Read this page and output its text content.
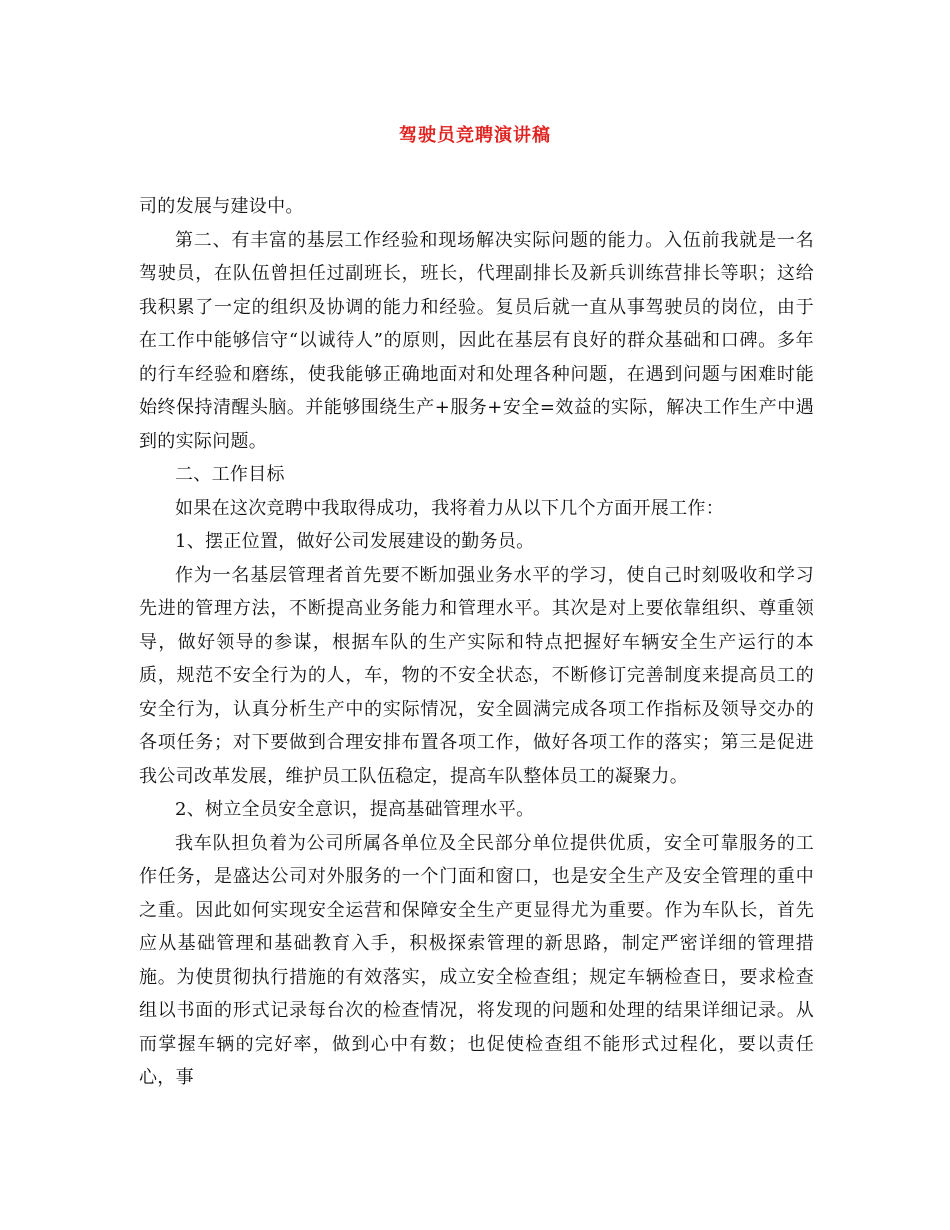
驾驶员竞聘演讲稿

司的发展与建设中。

第二、有丰富的基层工作经验和现场解决实际问题的能力。入伍前我就是一名驾驶员，在队伍曾担任过副班长，班长，代理副排长及新兵训练营排长等职；这给我积累了一定的组织及协调的能力和经验。复员后就一直从事驾驶员的岗位，由于在工作中能够信守“以诚待人”的原则，因此在基层有良好的群众基础和口碑。多年的行车经验和磨练，使我能够正确地面对和处理各种问题，在遇到问题与困难时能始终保持清醒头脑。并能够围绕生产+服务+安全=效益的实际，解决工作生产中遇到的实际问题。

二、工作目标

如果在这次竞聘中我取得成功，我将着力从以下几个方面开展工作：

1、摆正位置，做好公司发展建设的勤务员。

作为一名基层管理者首先要不断加强业务水平的学习，使自己时刻吸收和学习先进的管理方法，不断提高业务能力和管理水平。其次是对上要依靠组织、尊重领导，做好领导的参谋，根据车队的生产实际和特点把握好车辆安全生产运行的本质，规范不安全行为的人，车，物的不安全状态，不断修订完善制度来提高员工的安全行为，认真分析生产中的实际情况，安全圆满完成各项工作指标及领导交办的各项任务；对下要做到合理安排布置各项工作，做好各项工作的落实；第三是促进我公司改革发展，维护员工队伍稳定，提高车队整体员工的凝聚力。

2、树立全员安全意识，提高基础管理水平。

我车队担负着为公司所属各单位及全民部分单位提供优质，安全可靠服务的工作任务，是盛达公司对外服务的一个门面和窗口，也是安全生产及安全管理的重中之重。因此如何实现安全运营和保障安全生产更显得尤为重要。作为车队长，首先应从基础管理和基础教育入手，积极探索管理的新思路，制定严密详细的管理措施。为使贯彻执行措施的有效落实，成立安全检查组；规定车辆检查日，要求检查组以书面的形式记录每台次的检查情况，将发现的问题和处理的结果详细记录。从而掌握车辆的完好率，做到心中有数；也促使检查组不能形式过程化，要以责任心，事
